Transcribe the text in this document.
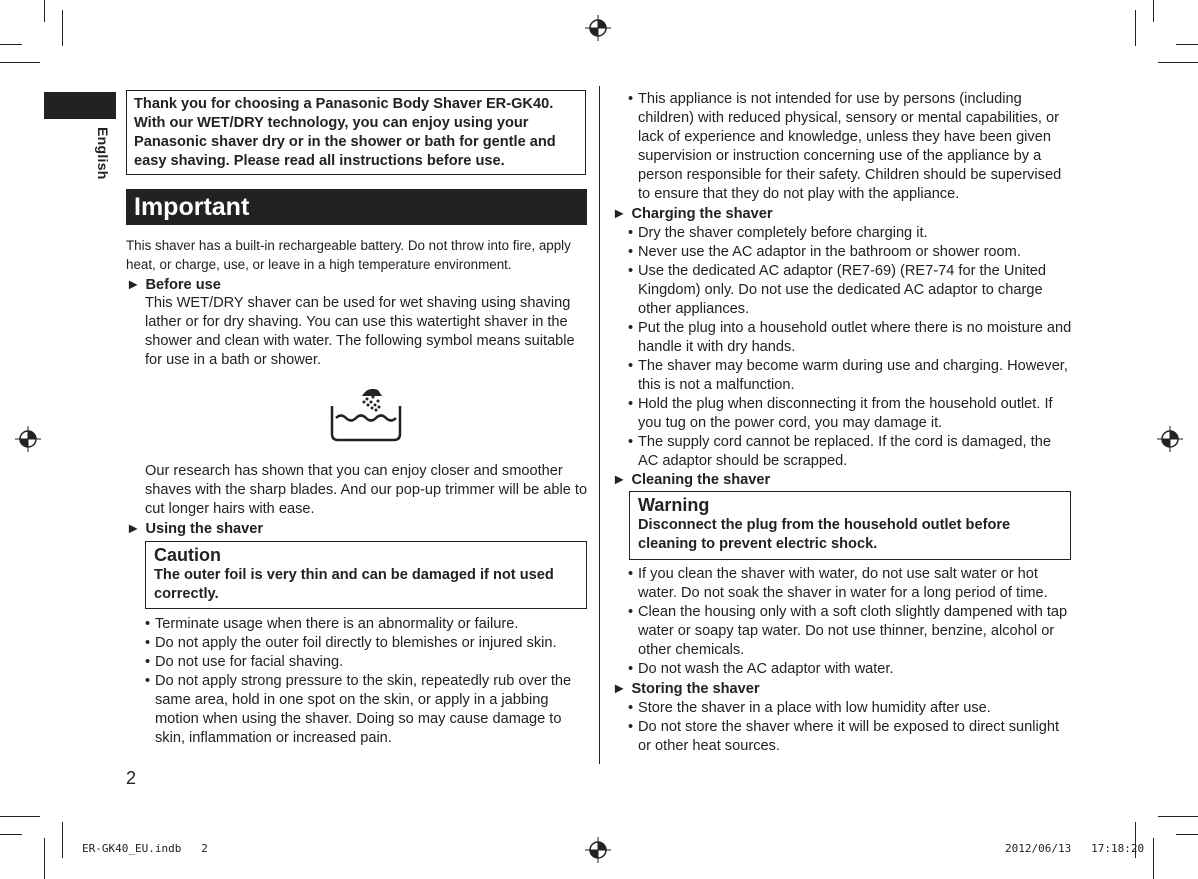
English
Thank you for choosing a Panasonic Body Shaver ER-GK40. With our WET/DRY technology, you can enjoy using your Panasonic shaver dry or in the shower or bath for gentle and easy shaving. Please read all instructions before use.
Important
This shaver has a built-in rechargeable battery. Do not throw into fire, apply heat, or charge, use, or leave in a high temperature environment.
► Before use
This WET/DRY shaver can be used for wet shaving using shaving lather or for dry shaving. You can use this watertight shaver in the shower and clean with water. The following symbol means suitable for use in a bath or shower.
Our research has shown that you can enjoy closer and smoother shaves with the sharp blades. And our pop-up trimmer will be able to cut longer hairs with ease.
► Using the shaver
Caution
The outer foil is very thin and can be damaged if not used correctly.
• Terminate usage when there is an abnormality or failure.
• Do not apply the outer foil directly to blemishes or injured skin.
• Do not use for facial shaving.
• Do not apply strong pressure to the skin, repeatedly rub over the same area, hold in one spot on the skin, or apply in a jabbing motion when using the shaver. Doing so may cause damage to skin, inflammation or increased pain.
2
• This appliance is not intended for use by persons (including children) with reduced physical, sensory or mental capabilities, or lack of experience and knowledge, unless they have been given supervision or instruction concerning use of the appliance by a person responsible for their safety. Children should be supervised to ensure that they do not play with the appliance.
► Charging the shaver
• Dry the shaver completely before charging it.
• Never use the AC adaptor in the bathroom or shower room.
• Use the dedicated AC adaptor (RE7-69) (RE7-74 for the United Kingdom) only. Do not use the dedicated AC adaptor to charge other appliances.
• Put the plug into a household outlet where there is no moisture and handle it with dry hands.
• The shaver may become warm during use and charging. However, this is not a malfunction.
• Hold the plug when disconnecting it from the household outlet. If you tug on the power cord, you may damage it.
• The supply cord cannot be replaced. If the cord is damaged, the AC adaptor should be scrapped.
► Cleaning the shaver
Warning
Disconnect the plug from the household outlet before cleaning to prevent electric shock.
• If you clean the shaver with water, do not use salt water or hot water. Do not soak the shaver in water for a long period of time.
• Clean the housing only with a soft cloth slightly dampened with tap water or soapy tap water. Do not use thinner, benzine, alcohol or other chemicals.
• Do not wash the AC adaptor with water.
► Storing the shaver
• Store the shaver in a place with low humidity after use.
• Do not store the shaver where it will be exposed to direct sunlight or other heat sources.
ER-GK40_EU.indb   2	2012/06/13   17:18:20
